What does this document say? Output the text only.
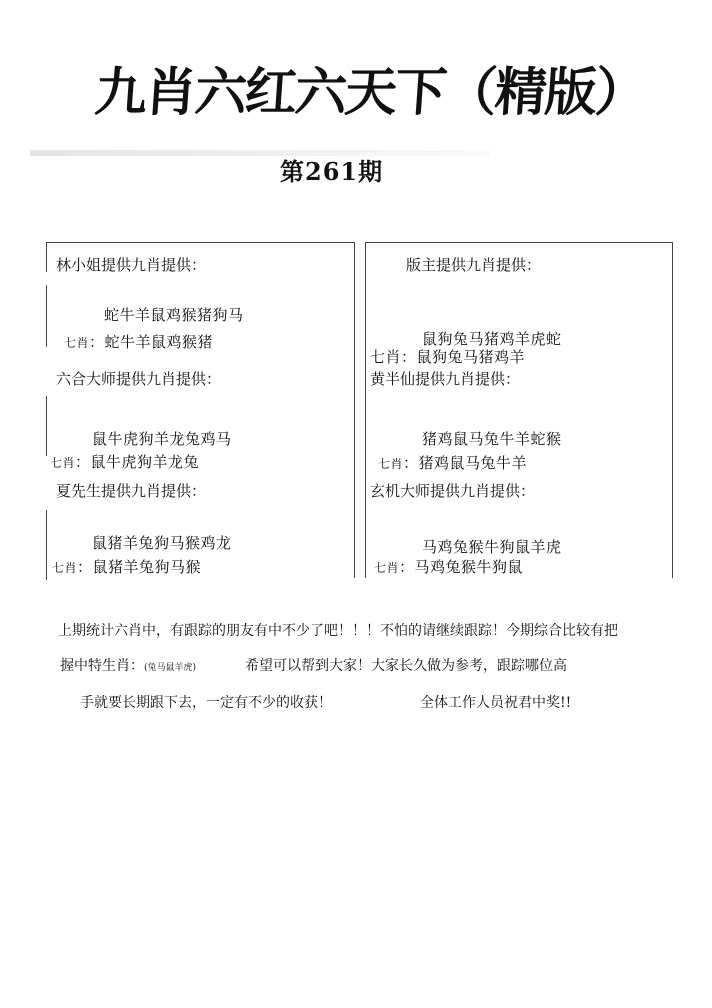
九肖六红六天下（精版）
第261期
林小姐提供九肖提供：
蛇牛羊鼠鸡猴猪狗马
七肖：蛇牛羊鼠鸡猴猪
版主提供九肖提供：
鼠狗兔马猪鸡羊虎蛇
七肖：鼠狗兔马猪鸡羊
六合大师提供九肖提供：
鼠牛虎狗羊龙兔鸡马
七肖：鼠牛虎狗羊龙兔
黄半仙提供九肖提供：
猪鸡鼠马兔牛羊蛇猴
七肖：猪鸡鼠马兔牛羊
夏先生提供九肖提供：
鼠猪羊兔狗马猴鸡龙
七肖：鼠猪羊兔狗马猴
玄机大师提供九肖提供：
马鸡兔猴牛狗鼠羊虎
七肖：马鸡兔猴牛狗鼠
上期统计六肖中，有跟踪的朋友有中不少了吧！！！不怕的请继续跟踪！今期综合比较有把
握中特生肖：(兔马鼠羊虎)	希望可以帮到大家！大家长久做为参考，跟踪哪位高
手就要长期跟下去，一定有不少的收获！	全体工作人员祝君中奖!!
